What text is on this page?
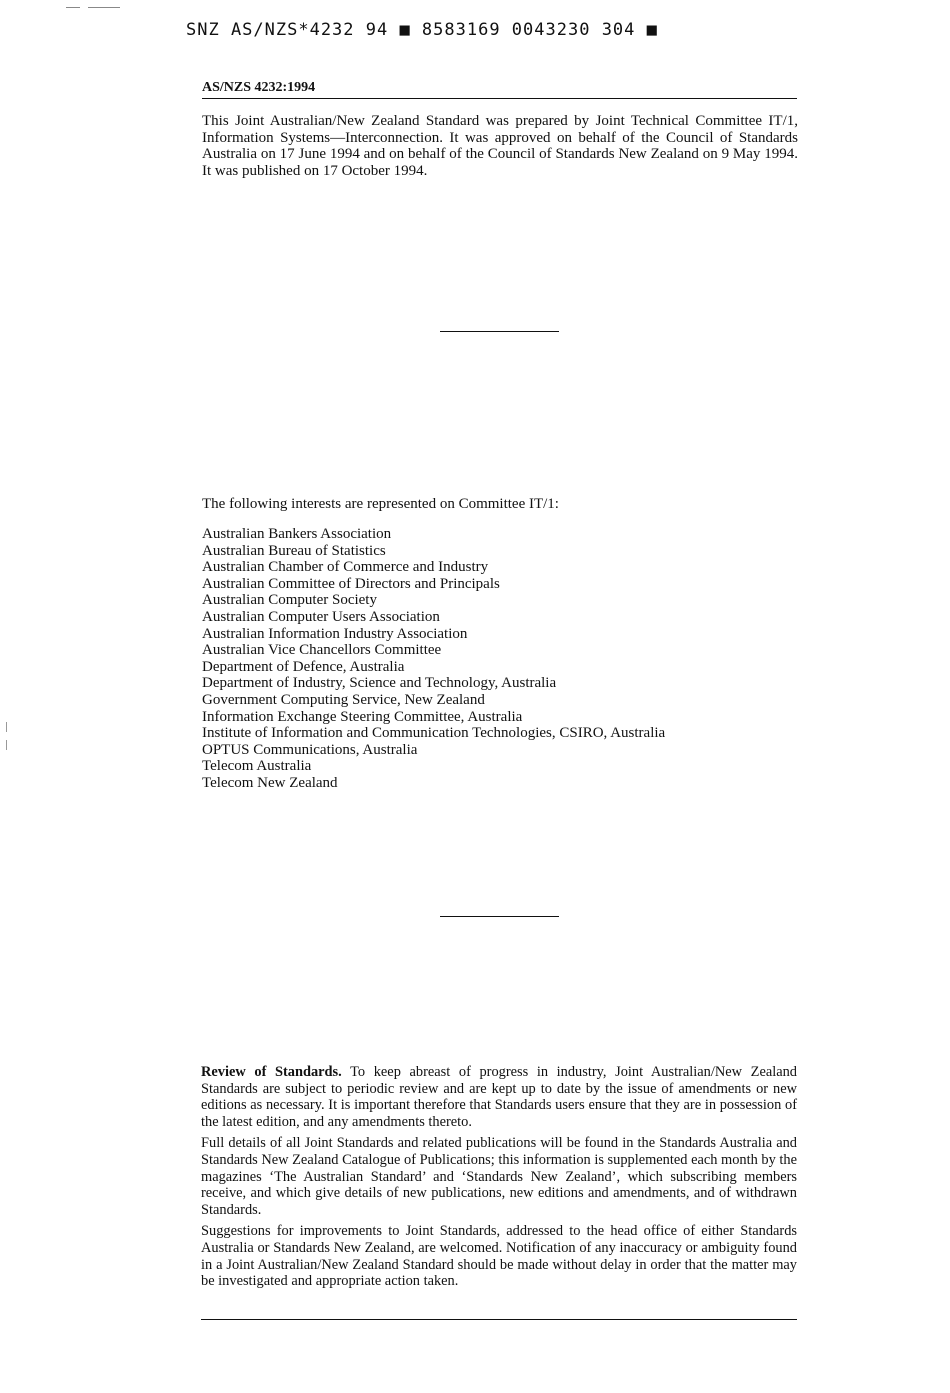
SNZ AS/NZS*4232 94 ■ 8583169 0043230 304 ■
AS/NZS 4232:1994

This Joint Australian/New Zealand Standard was prepared by Joint Technical Committee IT/1, Information Systems—Interconnection. It was approved on behalf of the Council of Standards Australia on 17 June 1994 and on behalf of the Council of Standards New Zealand on 9 May 1994. It was published on 17 October 1994.

The following interests are represented on Committee IT/1:

Australian Bankers Association
Australian Bureau of Statistics
Australian Chamber of Commerce and Industry
Australian Committee of Directors and Principals
Australian Computer Society
Australian Computer Users Association
Australian Information Industry Association
Australian Vice Chancellors Committee
Department of Defence, Australia
Department of Industry, Science and Technology, Australia
Government Computing Service, New Zealand
Information Exchange Steering Committee, Australia
Institute of Information and Communication Technologies, CSIRO, Australia
OPTUS Communications, Australia
Telecom Australia
Telecom New Zealand

Review of Standards. To keep abreast of progress in industry, Joint Australian/New Zealand Standards are subject to periodic review and are kept up to date by the issue of amendments or new editions as necessary. It is important therefore that Standards users ensure that they are in possession of the latest edition, and any amendments thereto.

Full details of all Joint Standards and related publications will be found in the Standards Australia and Standards New Zealand Catalogue of Publications; this information is supplemented each month by the magazines ‘The Australian Standard’ and ‘Standards New Zealand’, which subscribing members receive, and which give details of new publications, new editions and amendments, and of withdrawn Standards.

Suggestions for improvements to Joint Standards, addressed to the head office of either Standards Australia or Standards New Zealand, are welcomed. Notification of any inaccuracy or ambiguity found in a Joint Australian/New Zealand Standard should be made without delay in order that the matter may be investigated and appropriate action taken.
